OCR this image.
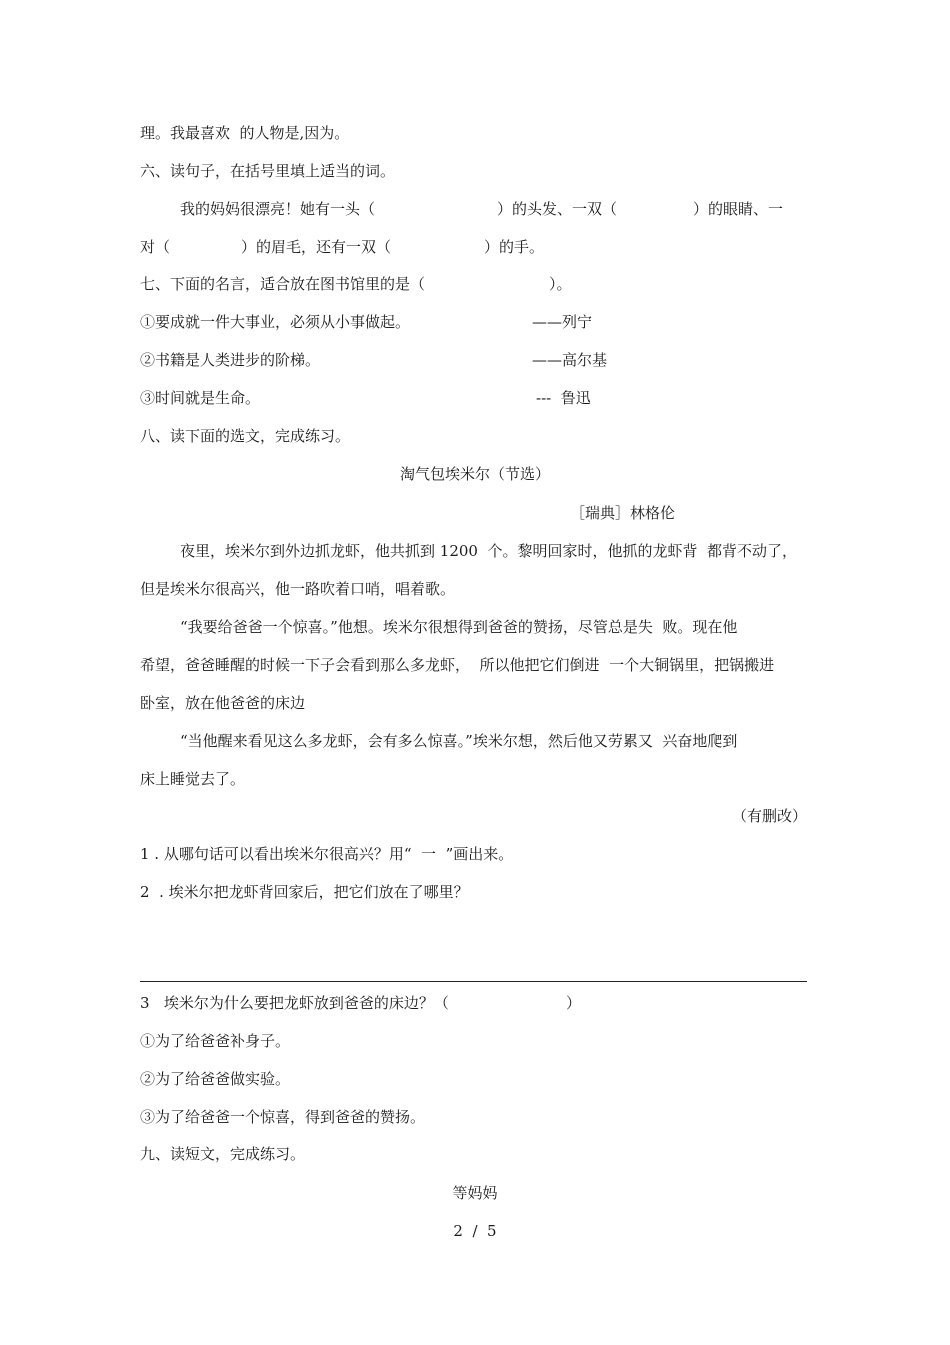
理。我最喜欢  的人物是,因为。
六、读句子，在括号里填上适当的词。
我的妈妈很漂亮！她有一头（	）的头发、一双（	）的眼睛、一
对（	）的眉毛，还有一双（	）的手。
七、下面的名言，适合放在图书馆里的是（	）。
①要成就一件大事业，必须从小事做起。	——列宁
②书籍是人类进步的阶梯。	——高尔基
③时间就是生命。	---  鲁迅
八、读下面的选文，完成练习。
淘气包埃米尔（节选）
［瑞典］林格伦
夜里，埃米尔到外边抓龙虾，他共抓到 1200  个。黎明回家时，他抓的龙虾背  都背不动了，
但是埃米尔很高兴，他一路吹着口哨，唱着歌。
“我要给爸爸一个惊喜。”他想。埃米尔很想得到爸爸的赞扬，尽管总是失  败。现在他
希望，爸爸睡醒的时候一下子会看到那么多龙虾，  所以他把它们倒进  一个大铜锅里，把锅搬进
卧室，放在他爸爸的床边
“当他醒来看见这么多龙虾，会有多么惊喜。”埃米尔想，然后他又劳累又  兴奋地爬到
床上睡觉去了。
（有删改）
1 . 从哪句话可以看出埃米尔很高兴？用“  一  ”画出来。
2  . 埃米尔把龙虾背回家后，把它们放在了哪里？
3   埃米尔为什么要把龙虾放到爸爸的床边？（	）
①为了给爸爸补身子。
②为了给爸爸做实验。
③为了给爸爸一个惊喜，得到爸爸的赞扬。
九、读短文，完成练习。
等妈妈
2  /  5
